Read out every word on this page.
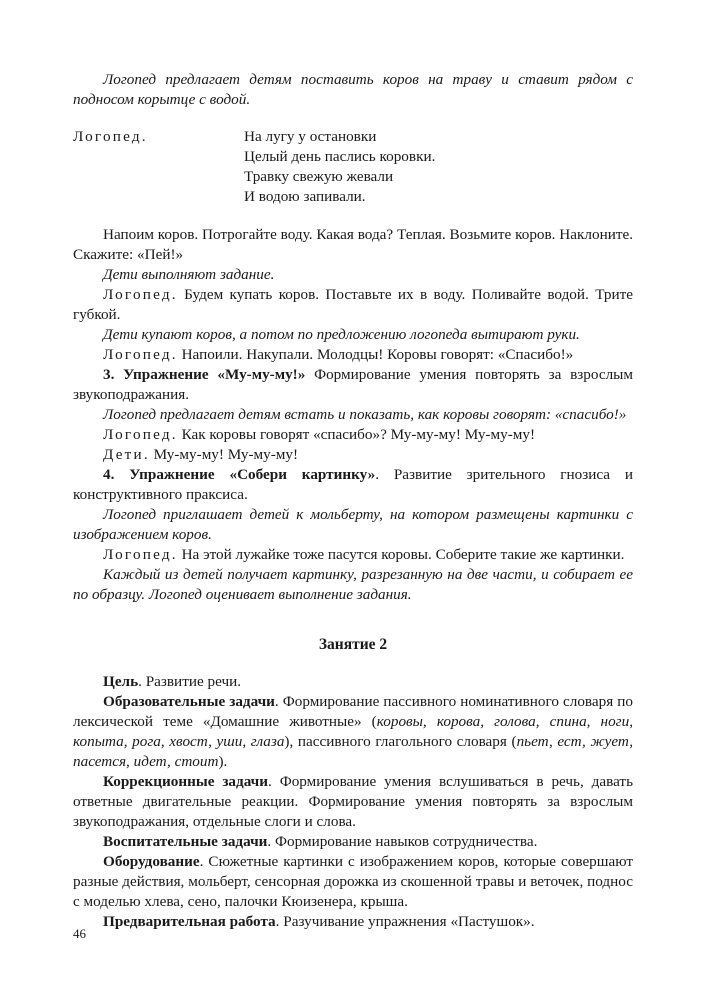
Логопед предлагает детям поставить коров на траву и ставит рядом с подносом корытце с водой.

Логопед.	На лугу у остановки
Целый день паслись коровки.
Травку свежую жевали
И водою запивали.

Напоим коров. Потрогайте воду. Какая вода? Теплая. Возьмите коров. Наклоните. Скажите: «Пей!»

Дети выполняют задание.

Логопед. Будем купать коров. Поставьте их в воду. Поливайте водой. Трите губкой.

Дети купают коров, а потом по предложению логопеда вытирают руки.

Логопед. Напоили. Накупали. Молодцы! Коровы говорят: «Спасибо!»

3. Упражнение «Му-му-му!» Формирование умения повторять за взрослым звукоподражания.

Логопед предлагает детям встать и показать, как коровы говорят: «спасибо!»

Логопед. Как коровы говорят «спасибо»? Му-му-му! Му-му-му!

Дети. Му-му-му! Му-му-му!

4. Упражнение «Собери картинку». Развитие зрительного гнозиса и конструктивного праксиса.

Логопед приглашает детей к мольберту, на котором размещены картинки с изображением коров.

Логопед. На этой лужайке тоже пасутся коровы. Соберите такие же картинки.

Каждый из детей получает картинку, разрезанную на две части, и собирает ее по образцу. Логопед оценивает выполнение задания.

Занятие 2

Цель. Развитие речи.

Образовательные задачи. Формирование пассивного номинативного словаря по лексической теме «Домашние животные» (коровы, корова, голова, спина, ноги, копыта, рога, хвост, уши, глаза), пассивного глагольного словаря (пьет, ест, жует, пасется, идет, стоит).

Коррекционные задачи. Формирование умения вслушиваться в речь, давать ответные двигательные реакции. Формирование умения повторять за взрослым звукоподражания, отдельные слоги и слова.

Воспитательные задачи. Формирование навыков сотрудничества.

Оборудование. Сюжетные картинки с изображением коров, которые совершают разные действия, мольберт, сенсорная дорожка из скошенной травы и веточек, поднос с моделью хлева, сено, палочки Кюизенера, крыша.

Предварительная работа. Разучивание упражнения «Пастушок».

46
